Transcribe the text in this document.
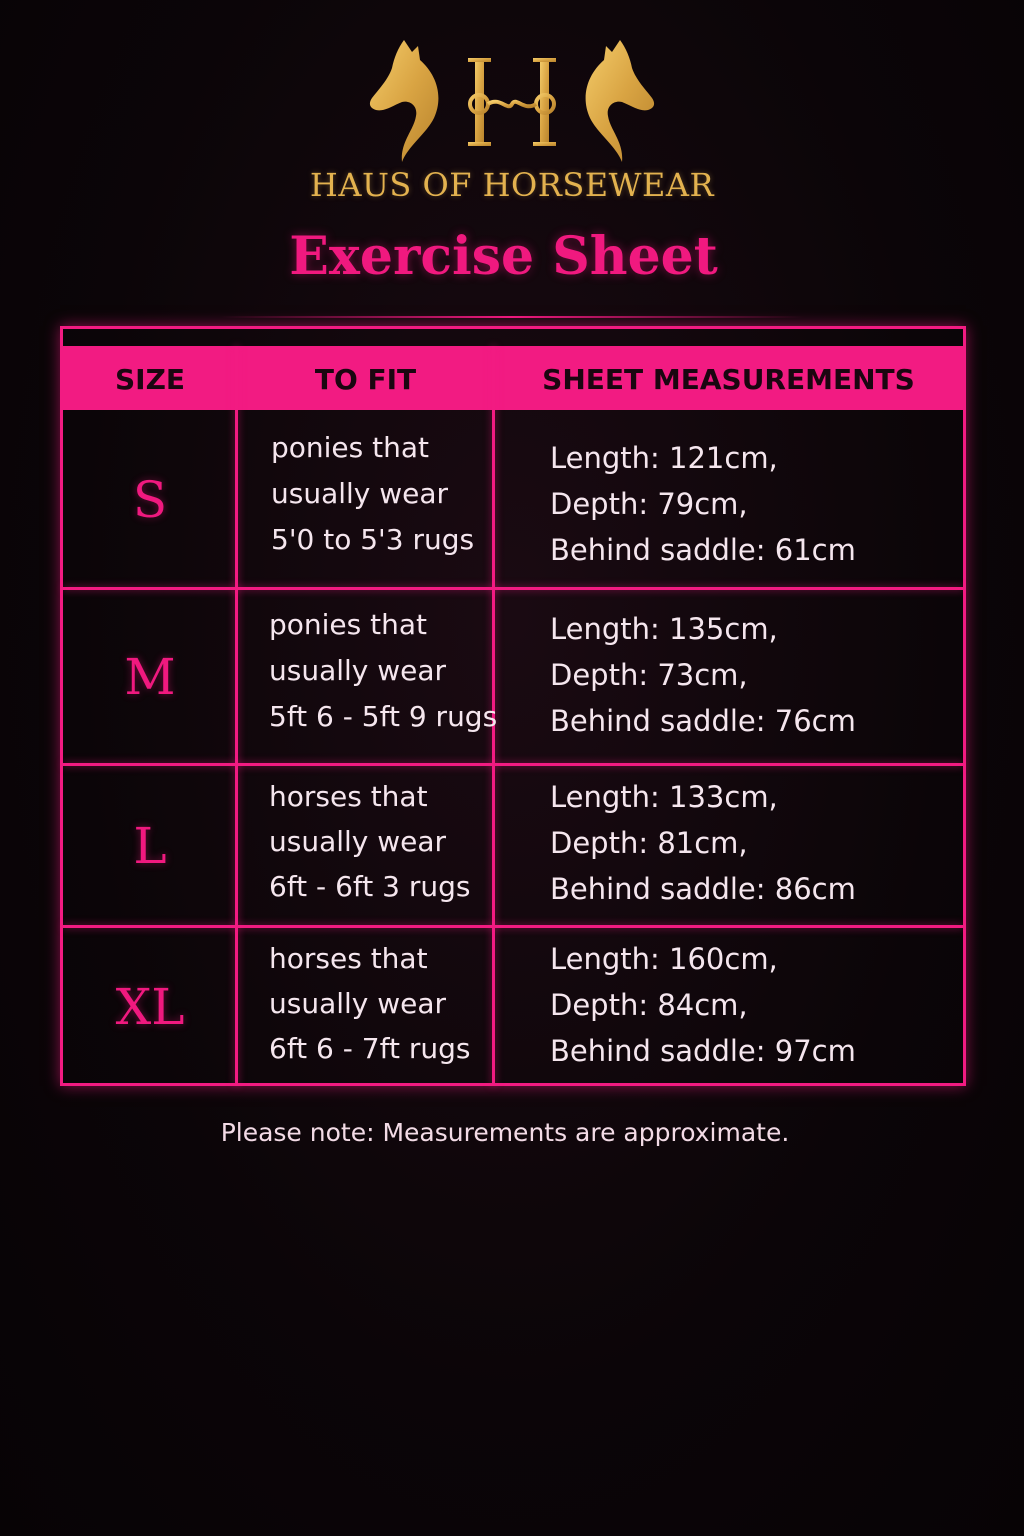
HAUS OF HORSEWEAR
Exercise Sheet
SIZE	TO FIT	SHEET MEASUREMENTS
S
ponies that
usually wear
5'0 to 5'3 rugs
Length: 121cm,
Depth: 79cm,
Behind saddle: 61cm
M
ponies that
usually wear
5ft 6 - 5ft 9 rugs
Length: 135cm,
Depth: 73cm,
Behind saddle: 76cm
L
horses that
usually wear
6ft - 6ft 3 rugs
Length: 133cm,
Depth: 81cm,
Behind saddle: 86cm
XL
horses that
usually wear
6ft 6 - 7ft rugs
Length: 160cm,
Depth: 84cm,
Behind saddle: 97cm
Please note: Measurements are approximate.
